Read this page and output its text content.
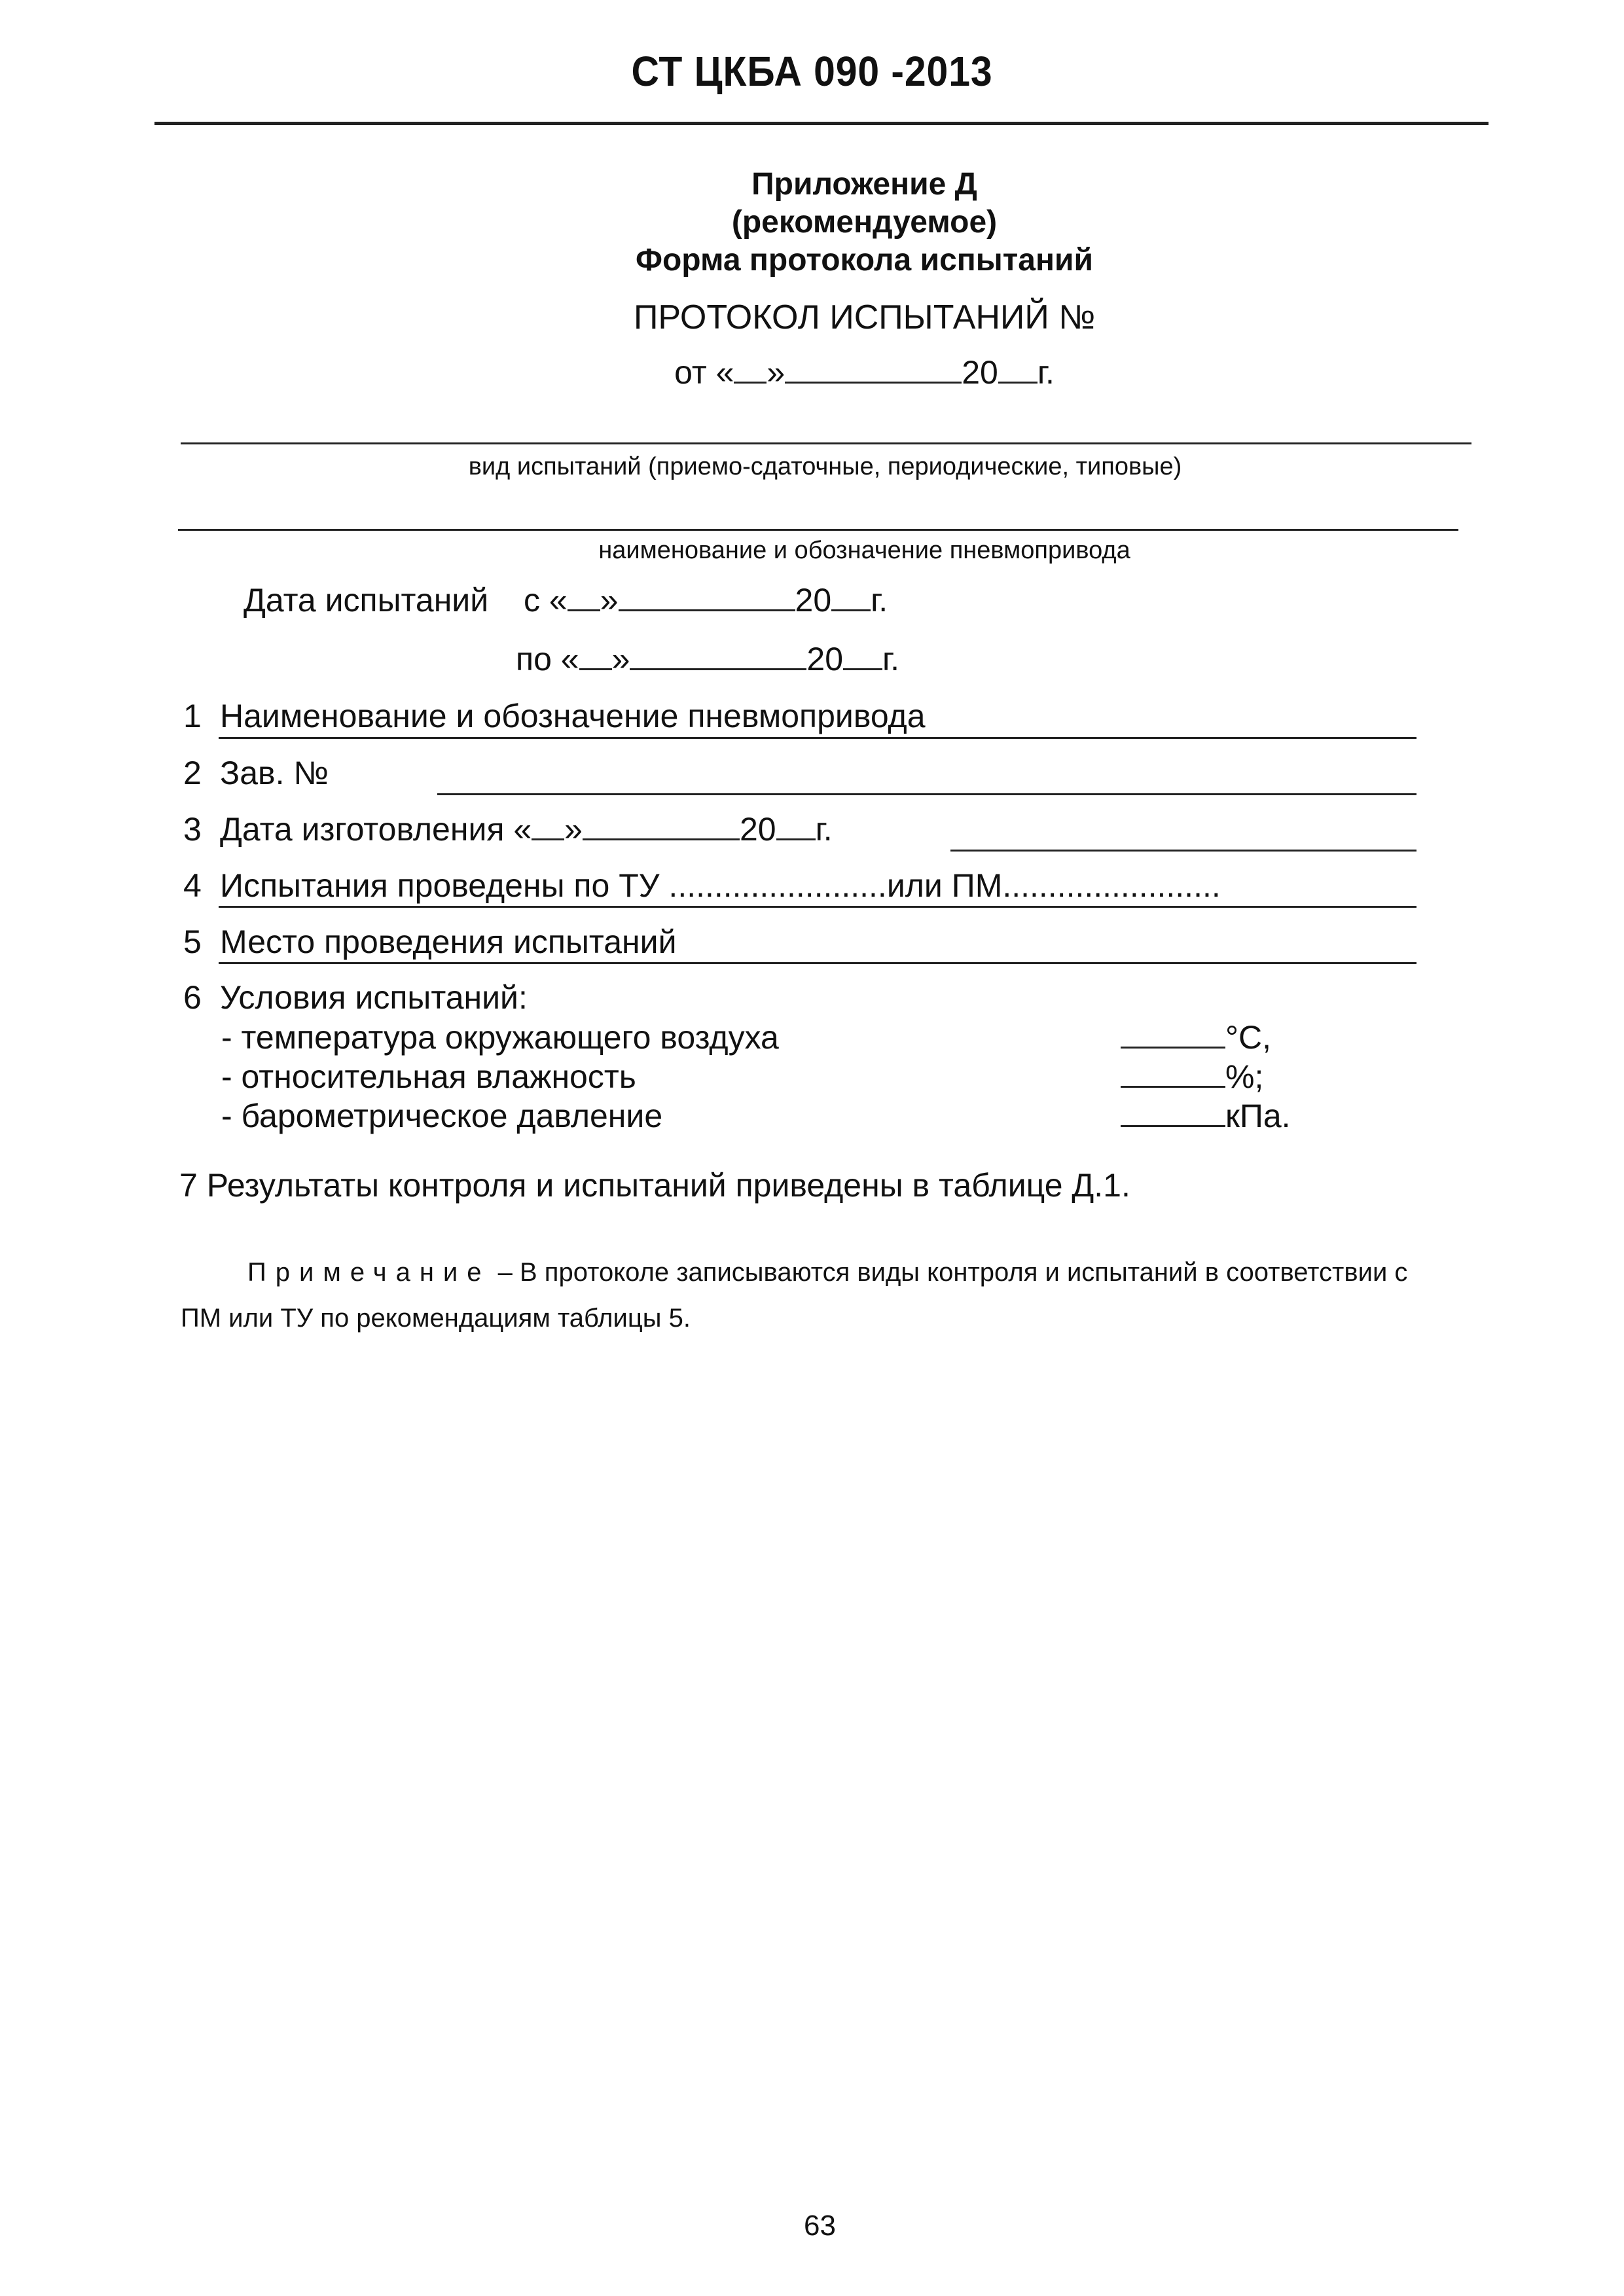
СТ ЦКБА 090 -2013
Приложение Д
(рекомендуемое)
Форма протокола испытаний
ПРОТОКОЛ ИСПЫТАНИЙ №
от « »	20 г.
вид испытаний (приемо-сдаточные, периодические, типовые)
наименование и обозначение пневмопривода
Дата испытаний с « »	20 г.
по « »	20 г.
1 Наименование и обозначение пневмопривода
2 Зав. №
3 Дата изготовления « »	20 г.
4 Испытания проведены по ТУ ........................или ПМ........................
5 Место проведения испытаний
6 Условия испытаний:
- температура окружающего воздуха	°С,
- относительная влажность	%;
- барометрическое давление	кПа.
7 Результаты контроля и испытаний приведены в таблице Д.1.
Примечание – В протоколе записываются виды контроля и испытаний в соответствии с
ПМ или ТУ по рекомендациям таблицы 5.
63
